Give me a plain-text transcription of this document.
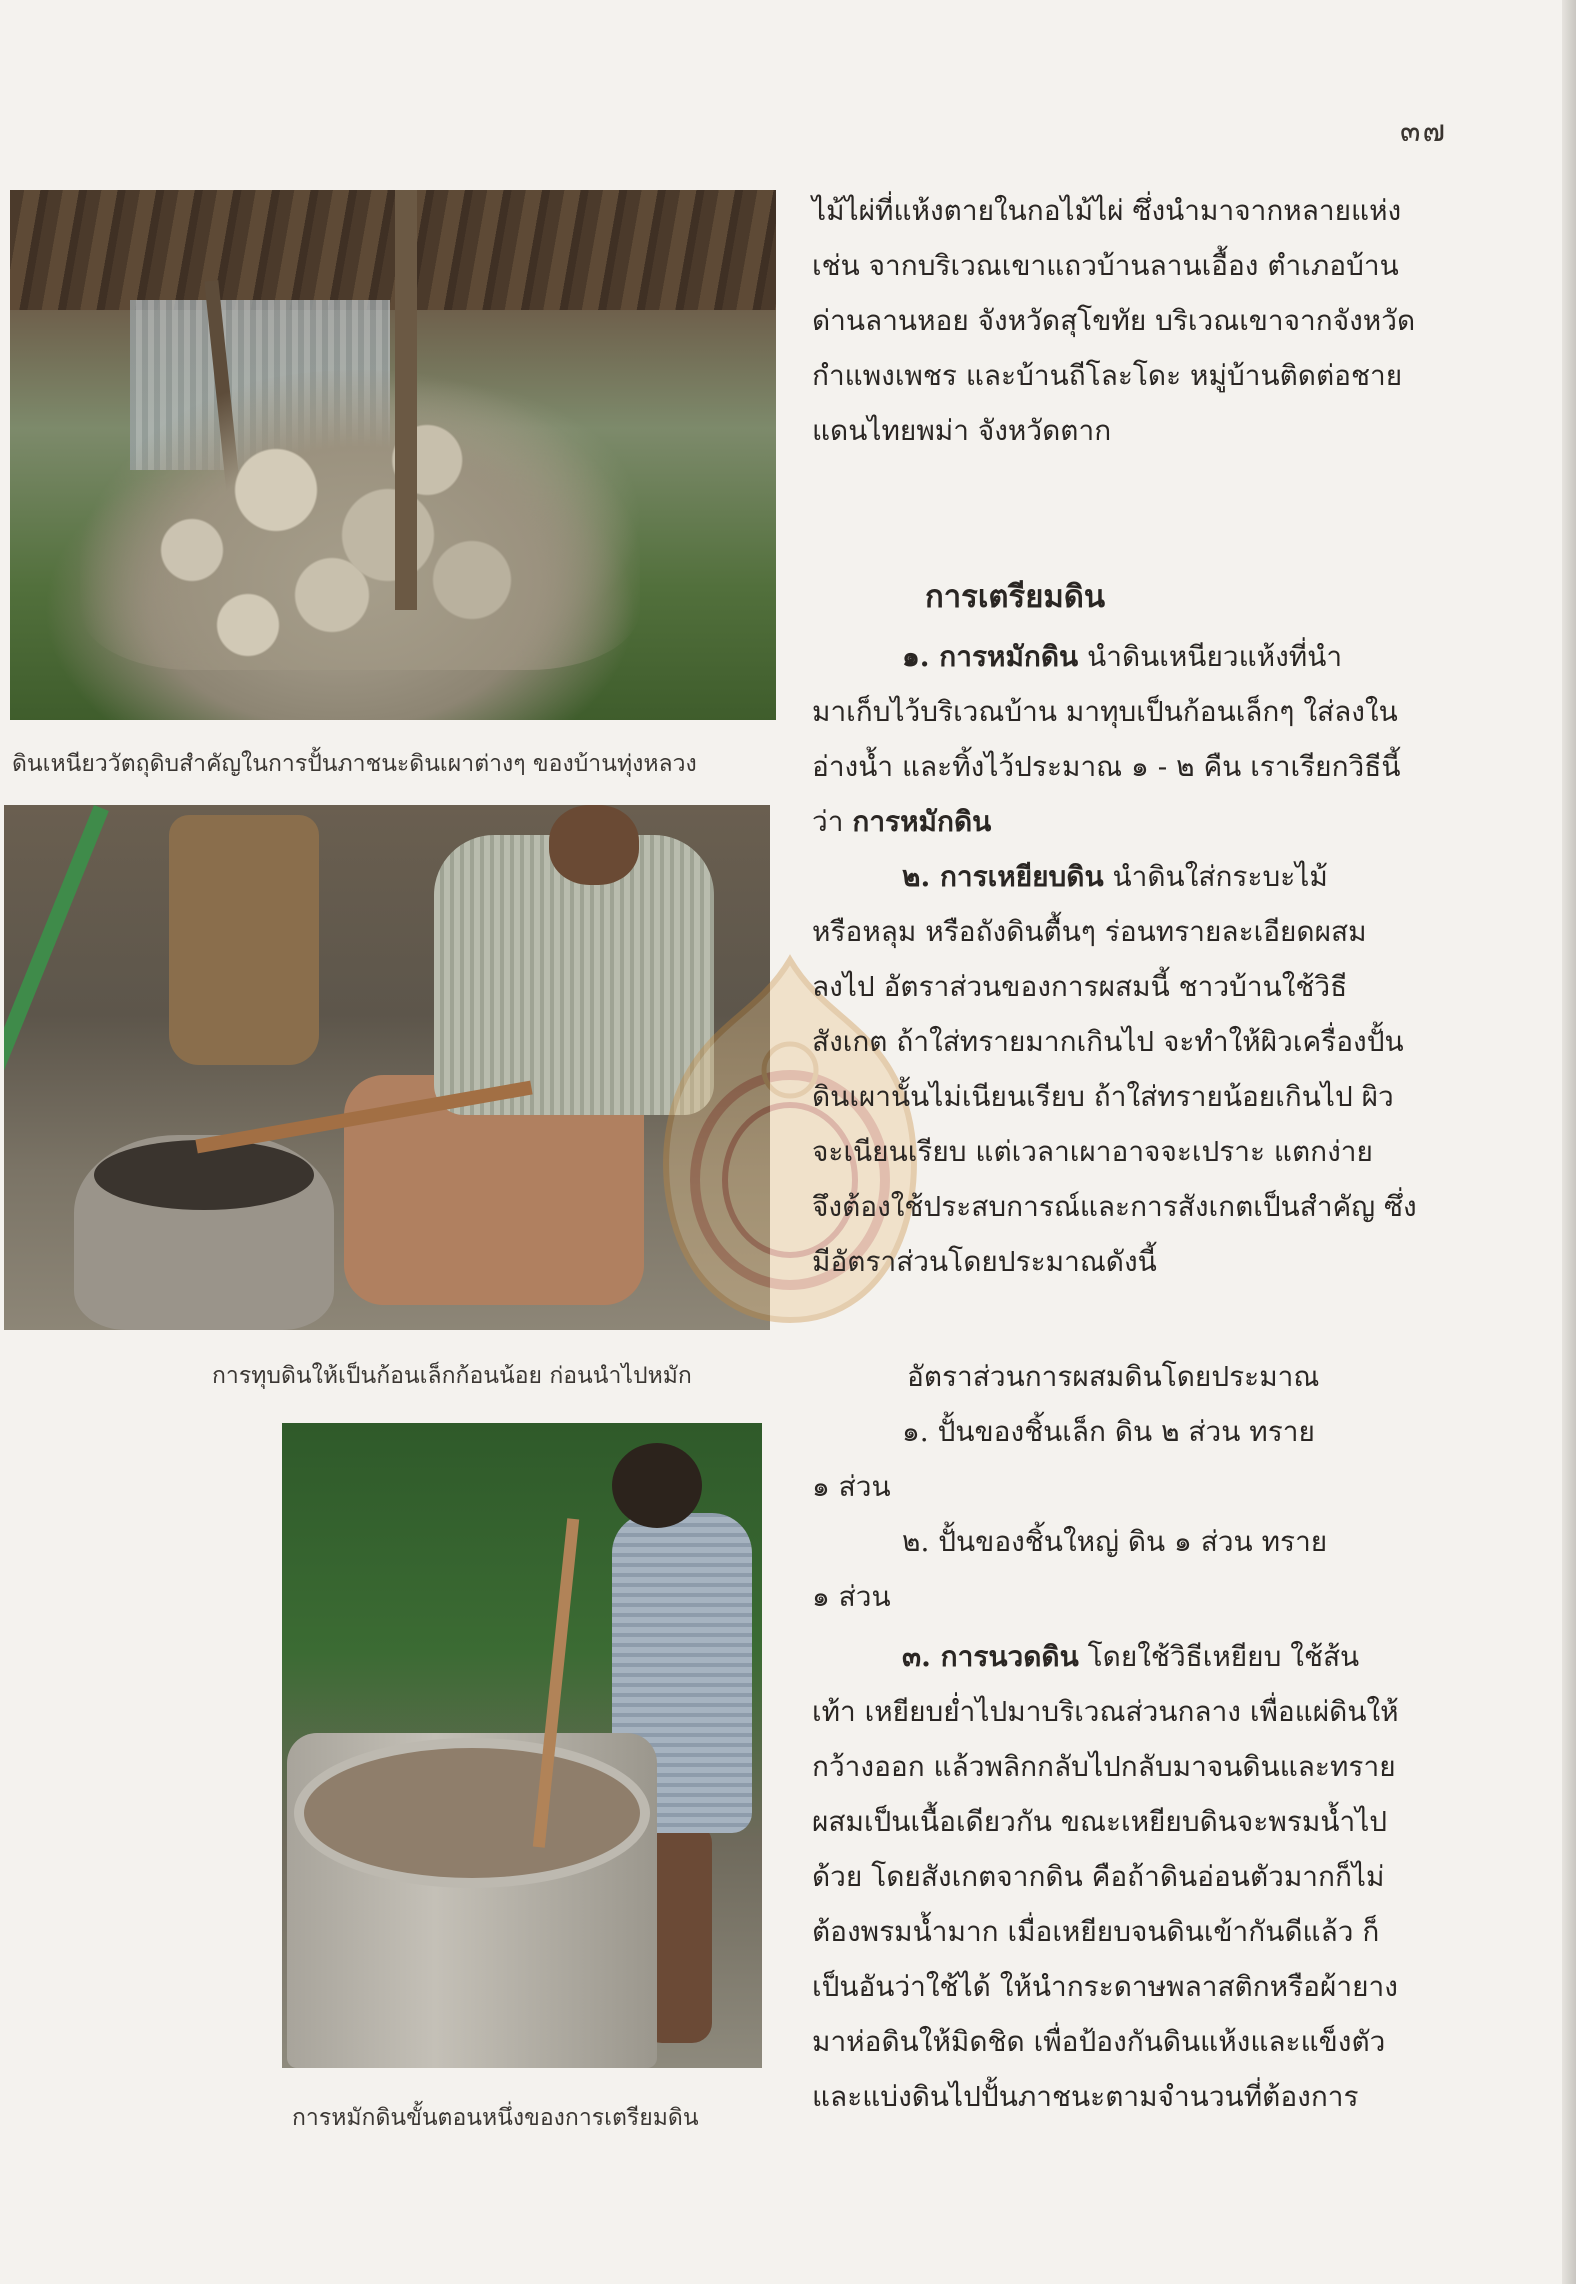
๓๗
ดินเหนียววัตถุดิบสำคัญในการปั้นภาชนะดินเผาต่างๆ ของบ้านทุ่งหลวง
การทุบดินให้เป็นก้อนเล็กก้อนน้อย ก่อนนำไปหมัก
การหมักดินขั้นตอนหนึ่งของการเตรียมดิน
ไม้ไผ่ที่แห้งตายในกอไม้ไผ่ ซึ่งนำมาจากหลายแห่ง
เช่น จากบริเวณเขาแถวบ้านลานเอื้อง ตำเภอบ้าน
ด่านลานหอย จังหวัดสุโขทัย บริเวณเขาจากจังหวัด
กำแพงเพชร และบ้านถีโละโดะ หมู่บ้านติดต่อชาย
แดนไทยพม่า จังหวัดตาก
การเตรียมดิน
๑. การหมักดิน นำดินเหนียวแห้งที่นำ
มาเก็บไว้บริเวณบ้าน มาทุบเป็นก้อนเล็กๆ ใส่ลงใน
อ่างน้ำ และทิ้งไว้ประมาณ ๑ - ๒ คืน เราเรียกวิธีนี้
ว่า การหมักดิน
๒. การเหยียบดิน นำดินใส่กระบะไม้
หรือหลุม หรือถังดินตื้นๆ ร่อนทรายละเอียดผสม
ลงไป อัตราส่วนของการผสมนี้ ชาวบ้านใช้วิธี
สังเกต ถ้าใส่ทรายมากเกินไป จะทำให้ผิวเครื่องปั้น
ดินเผานั้นไม่เนียนเรียบ ถ้าใส่ทรายน้อยเกินไป ผิว
จะเนียนเรียบ แต่เวลาเผาอาจจะเปราะ แตกง่าย
จึงต้องใช้ประสบการณ์และการสังเกตเป็นสำคัญ ซึ่ง
มีอัตราส่วนโดยประมาณดังนี้
อัตราส่วนการผสมดินโดยประมาณ
๑. ปั้นของชิ้นเล็ก ดิน ๒ ส่วน ทราย
๑ ส่วน
๒. ปั้นของชิ้นใหญ่ ดิน ๑ ส่วน ทราย
๑ ส่วน
๓. การนวดดิน โดยใช้วิธีเหยียบ ใช้ส้น
เท้า เหยียบย่ำไปมาบริเวณส่วนกลาง เพื่อแผ่ดินให้
กว้างออก แล้วพลิกกลับไปกลับมาจนดินและทราย
ผสมเป็นเนื้อเดียวกัน ขณะเหยียบดินจะพรมน้ำไป
ด้วย โดยสังเกตจากดิน คือถ้าดินอ่อนตัวมากก็ไม่
ต้องพรมน้ำมาก เมื่อเหยียบจนดินเข้ากันดีแล้ว ก็
เป็นอันว่าใช้ได้ ให้นำกระดาษพลาสติกหรือผ้ายาง
มาห่อดินให้มิดชิด เพื่อป้องกันดินแห้งและแข็งตัว
และแบ่งดินไปปั้นภาชนะตามจำนวนที่ต้องการ
